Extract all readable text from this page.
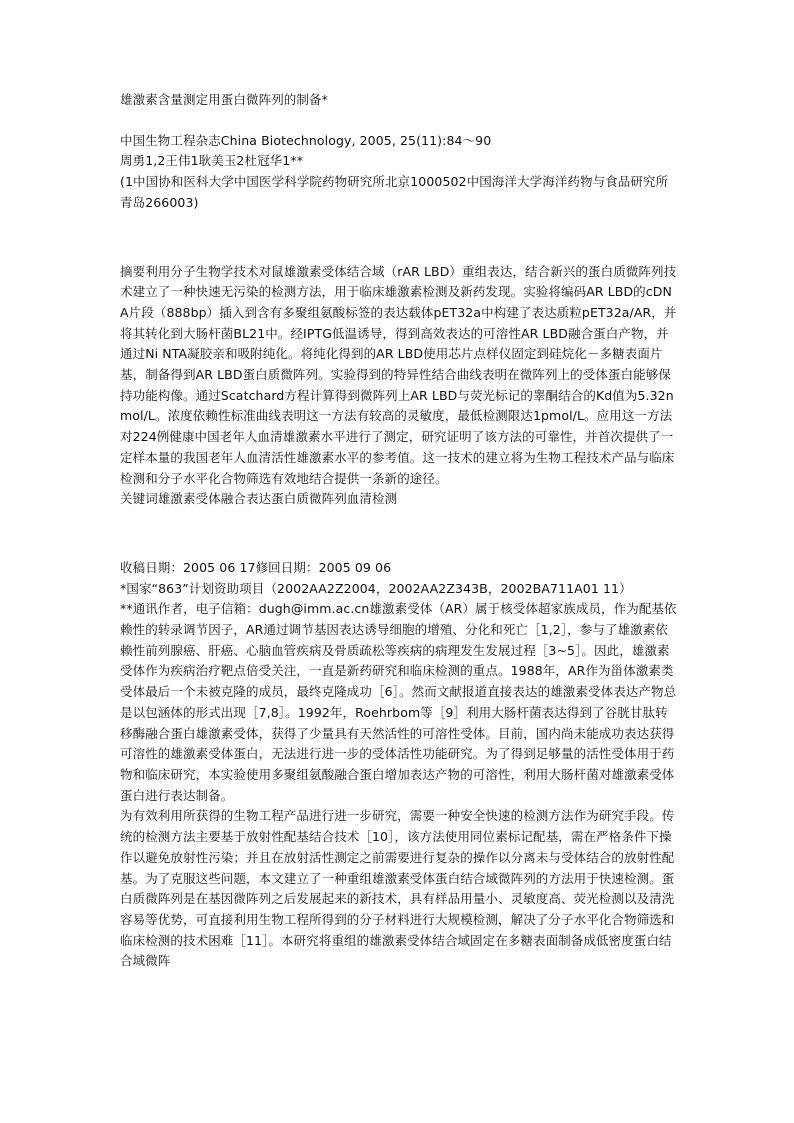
雄激素含量测定用蛋白微阵列的制备*

中国生物工程杂志China Biotechnology, 2005, 25(11):84～90

周勇1,2王伟1耿美玉2杜冠华1**

(1中国协和医科大学中国医学科学院药物研究所北京1000502中国海洋大学海洋药物与食品研究所青岛266003)

摘要利用分子生物学技术对鼠雄激素受体结合域（rAR LBD）重组表达，结合新兴的蛋白质微阵列技术建立了一种快速无污染的检测方法，用于临床雄激素检测及新药发现。实验将编码AR LBD的cDNA片段（888bp）插入到含有多聚组氨酸标签的表达载体pET32a中构建了表达质粒pET32a/AR，并将其转化到大肠杆菌BL21中。经IPTG低温诱导，得到高效表达的可溶性AR LBD融合蛋白产物，并通过Ni NTA凝胶亲和吸附纯化。将纯化得到的AR LBD使用芯片点样仪固定到硅烷化－多糖表面片基，制备得到AR LBD蛋白质微阵列。实验得到的特异性结合曲线表明在微阵列上的受体蛋白能够保持功能构像。通过Scatchard方程计算得到微阵列上AR LBD与荧光标记的睾酮结合的Kd值为5.32nmol/L。浓度依赖性标准曲线表明这一方法有较高的灵敏度，最低检测限达1pmol/L。应用这一方法对224例健康中国老年人血清雄激素水平进行了测定，研究证明了该方法的可靠性，并首次提供了一定样本量的我国老年人血清活性雄激素水平的参考值。这一技术的建立将为生物工程技术产品与临床检测和分子水平化合物筛选有效地结合提供一条新的途径。

关键词雄激素受体融合表达蛋白质微阵列血清检测

收稿日期：2005 06 17修回日期：2005 09 06

*国家“863”计划资助项目（2002AA2Z2004，2002AA2Z343B，2002BA711A01 11）

**通讯作者，电子信箱：dugh@imm.ac.cn雄激素受体（AR）属于核受体超家族成员，作为配基依赖性的转录调节因子，AR通过调节基因表达诱导细胞的增殖、分化和死亡［1,2］，参与了雄激素依赖性前列腺癌、肝癌、心脑血管疾病及骨质疏松等疾病的病理发生发展过程［3~5］。因此，雄激素受体作为疾病治疗靶点倍受关注，一直是新药研究和临床检测的重点。1988年，AR作为甾体激素类受体最后一个未被克隆的成员，最终克隆成功［6］。然而文献报道直接表达的雄激素受体表达产物总是以包涵体的形式出现［7,8］。1992年，Roehrbom等［9］利用大肠杆菌表达得到了谷胱甘肽转移酶融合蛋白雄激素受体，获得了少量具有天然活性的可溶性受体。目前，国内尚未能成功表达获得可溶性的雄激素受体蛋白，无法进行进一步的受体活性功能研究。为了得到足够量的活性受体用于药物和临床研究，本实验使用多聚组氨酸融合蛋白增加表达产物的可溶性，利用大肠杆菌对雄激素受体蛋白进行表达制备。

为有效利用所获得的生物工程产品进行进一步研究，需要一种安全快速的检测方法作为研究手段。传统的检测方法主要基于放射性配基结合技术［10］，该方法使用同位素标记配基，需在严格条件下操作以避免放射性污染；并且在放射活性测定之前需要进行复杂的操作以分离未与受体结合的放射性配基。为了克服这些问题，本文建立了一种重组雄激素受体蛋白结合域微阵列的方法用于快速检测。蛋白质微阵列是在基因微阵列之后发展起来的新技术，具有样品用量小、灵敏度高、荧光检测以及清洗容易等优势，可直接利用生物工程所得到的分子材料进行大规模检测，解决了分子水平化合物筛选和临床检测的技术困难［11］。本研究将重组的雄激素受体结合域固定在多糖表面制备成低密度蛋白结合域微阵
